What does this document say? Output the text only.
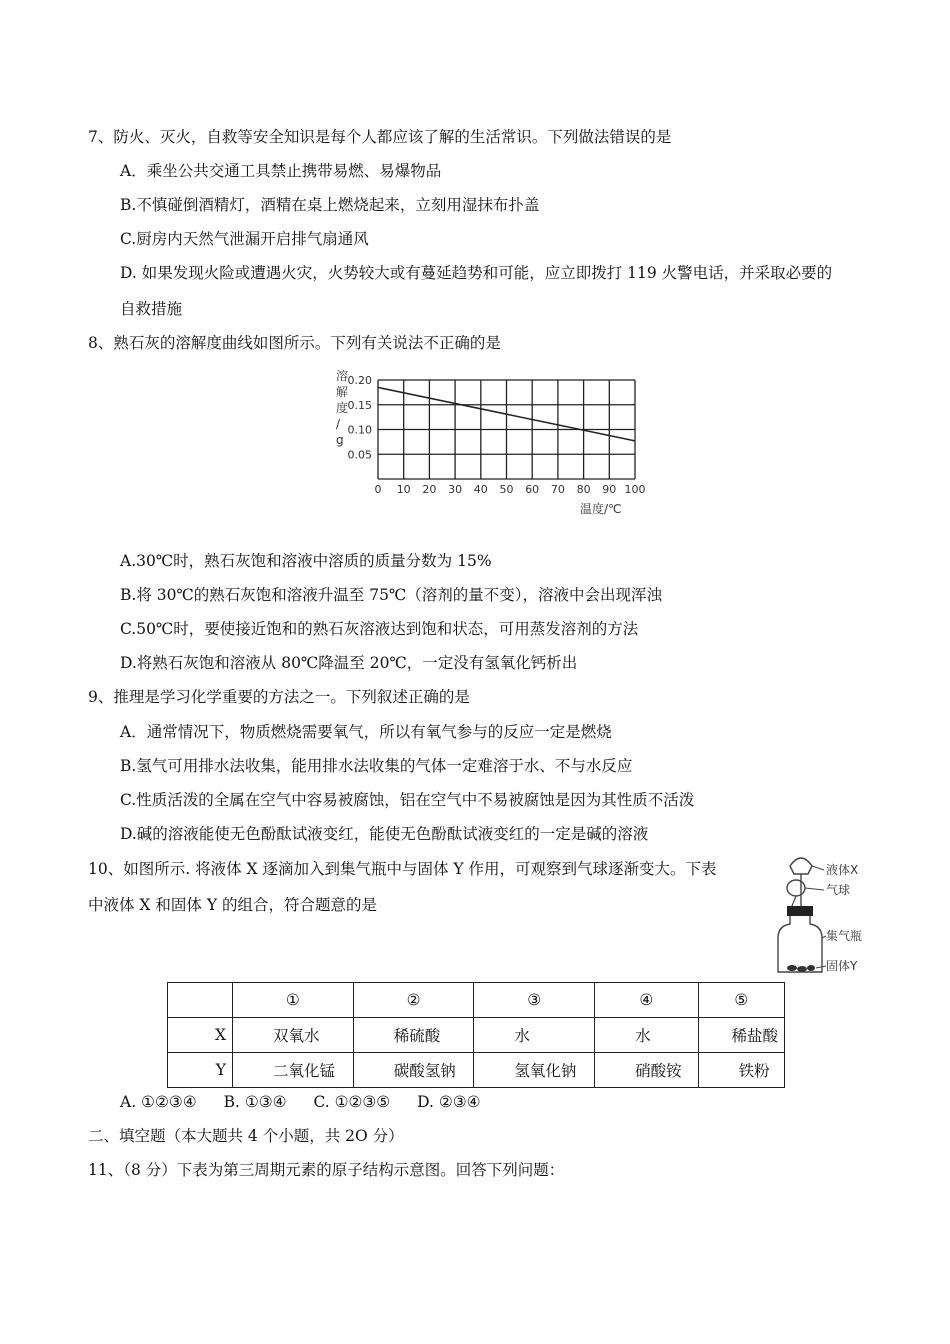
7、防火、灭火，自救等安全知识是每个人都应该了解的生活常识。下列做法错误的是
A．乘坐公共交通工具禁止携带易燃、易爆物品
B.不慎碰倒酒精灯，酒精在桌上燃烧起来，立刻用湿抹布扑盖
C.厨房内天然气泄漏开启排气扇通风
D. 如果发现火险或遭遇火灾，火势较大或有蔓延趋势和可能，应立即拨打 119 火警电话，并采取必要的
自救措施
8、熟石灰的溶解度曲线如图所示。下列有关说法不正确的是
0.05
0.10
0.15
0.20
0 10 20 30 40 50 60 70 80 90 100
溶解度/ g
温度/℃
A.30℃时，熟石灰饱和溶液中溶质的质量分数为 15%
B.将 30℃的熟石灰饱和溶液升温至 75℃（溶剂的量不变），溶液中会出现浑浊
C.50℃时，要使接近饱和的熟石灰溶液达到饱和状态，可用蒸发溶剂的方法
D.将熟石灰饱和溶液从 80℃降温至 20℃，一定没有氢氧化钙析出
9、推理是学习化学重要的方法之一。下列叙述正确的是
A．通常情况下，物质燃烧需要氧气，所以有氧气参与的反应一定是燃烧
B.氢气可用排水法收集，能用排水法收集的气体一定难溶于水、不与水反应
C.性质活泼的全属在空气中容易被腐蚀，铝在空气中不易被腐蚀是因为其性质不活泼
D.碱的溶液能使无色酚酞试液变红，能使无色酚酞试液变红的一定是碱的溶液
10、如图所示. 将液体 X 逐滴加入到集气瓶中与固体 Y 作用，可观察到气球逐渐变大。下表
中液体 X 和固体 Y 的组合，符合题意的是
液体X
气球
集气瓶
固体Y
	①	②	③	④	⑤
X	双氧水	稀硫酸	水	水	稀盐酸
Y	二氧化锰	碳酸氢钠	氢氧化钠	硝酸铵	铁粉
A. ①②③④ B. ①③④ C. ①②③⑤ D. ②③④
二、填空题（本大题共 4 个小题，共 2O 分）
11、（8 分）下表为第三周期元素的原子结构示意图。回答下列问题：
